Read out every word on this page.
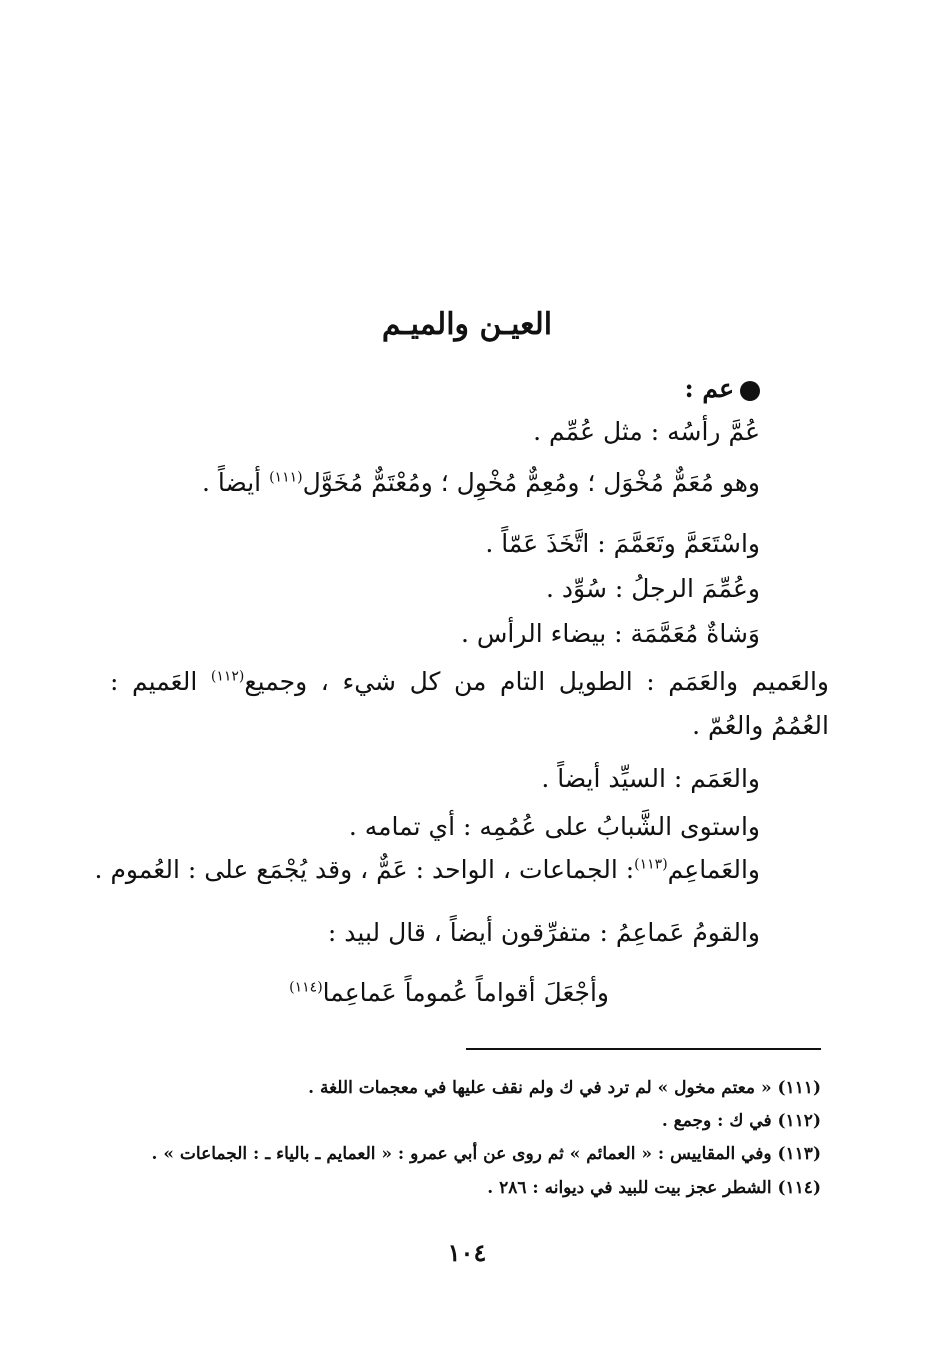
العيـن والميـم
عم :
عُمَّ رأسُه : مثل عُمِّم .
وهو مُعَمٌّ مُخْوَل ؛ ومُعِمٌّ مُخْوِل ؛ ومُعْتَمٌّ مُخَوَّل$^{(١١١)}$ أيضاً .
واسْتَعَمَّ وتَعَمَّمَ : اتَّخَذَ عَمّاً .
وعُمِّمَ الرجلُ : سُوِّد .
وَشاةٌ مُعَمَّمَة : بيضاء الرأس .
والعَميم والعَمَم : الطويل التام من كل شيء ، وجميع$^{(١١٢)}$ العَميم : العُمُمُ والعُمّ .
والعَمَم : السيِّد أيضاً .
واستوى الشَّبابُ على عُمُمِه : أي تمامه .
والعَماعِم$^{(١١٣)}$: الجماعات ، الواحد : عَمٌّ ، وقد يُجْمَع على : العُموم .
والقومُ عَماعِمُ : متفرِّقون أيضاً ، قال لبيد :
وأجْعَلَ أقواماً عُموماً عَماعِما$^{(١١٤)}$
(١١١) « معتم مخول » لم ترد في ك ولم نقف عليها في معجمات اللغة .
(١١٢) في ك : وجمع .
(١١٣) وفي المقاييس : « العمائم » ثم روى عن أبي عمرو : « العمايم ـ بالياء ـ : الجماعات » .
(١١٤) الشطر عجز بيت للبيد في ديوانه : ٢٨٦ .
١٠٤
